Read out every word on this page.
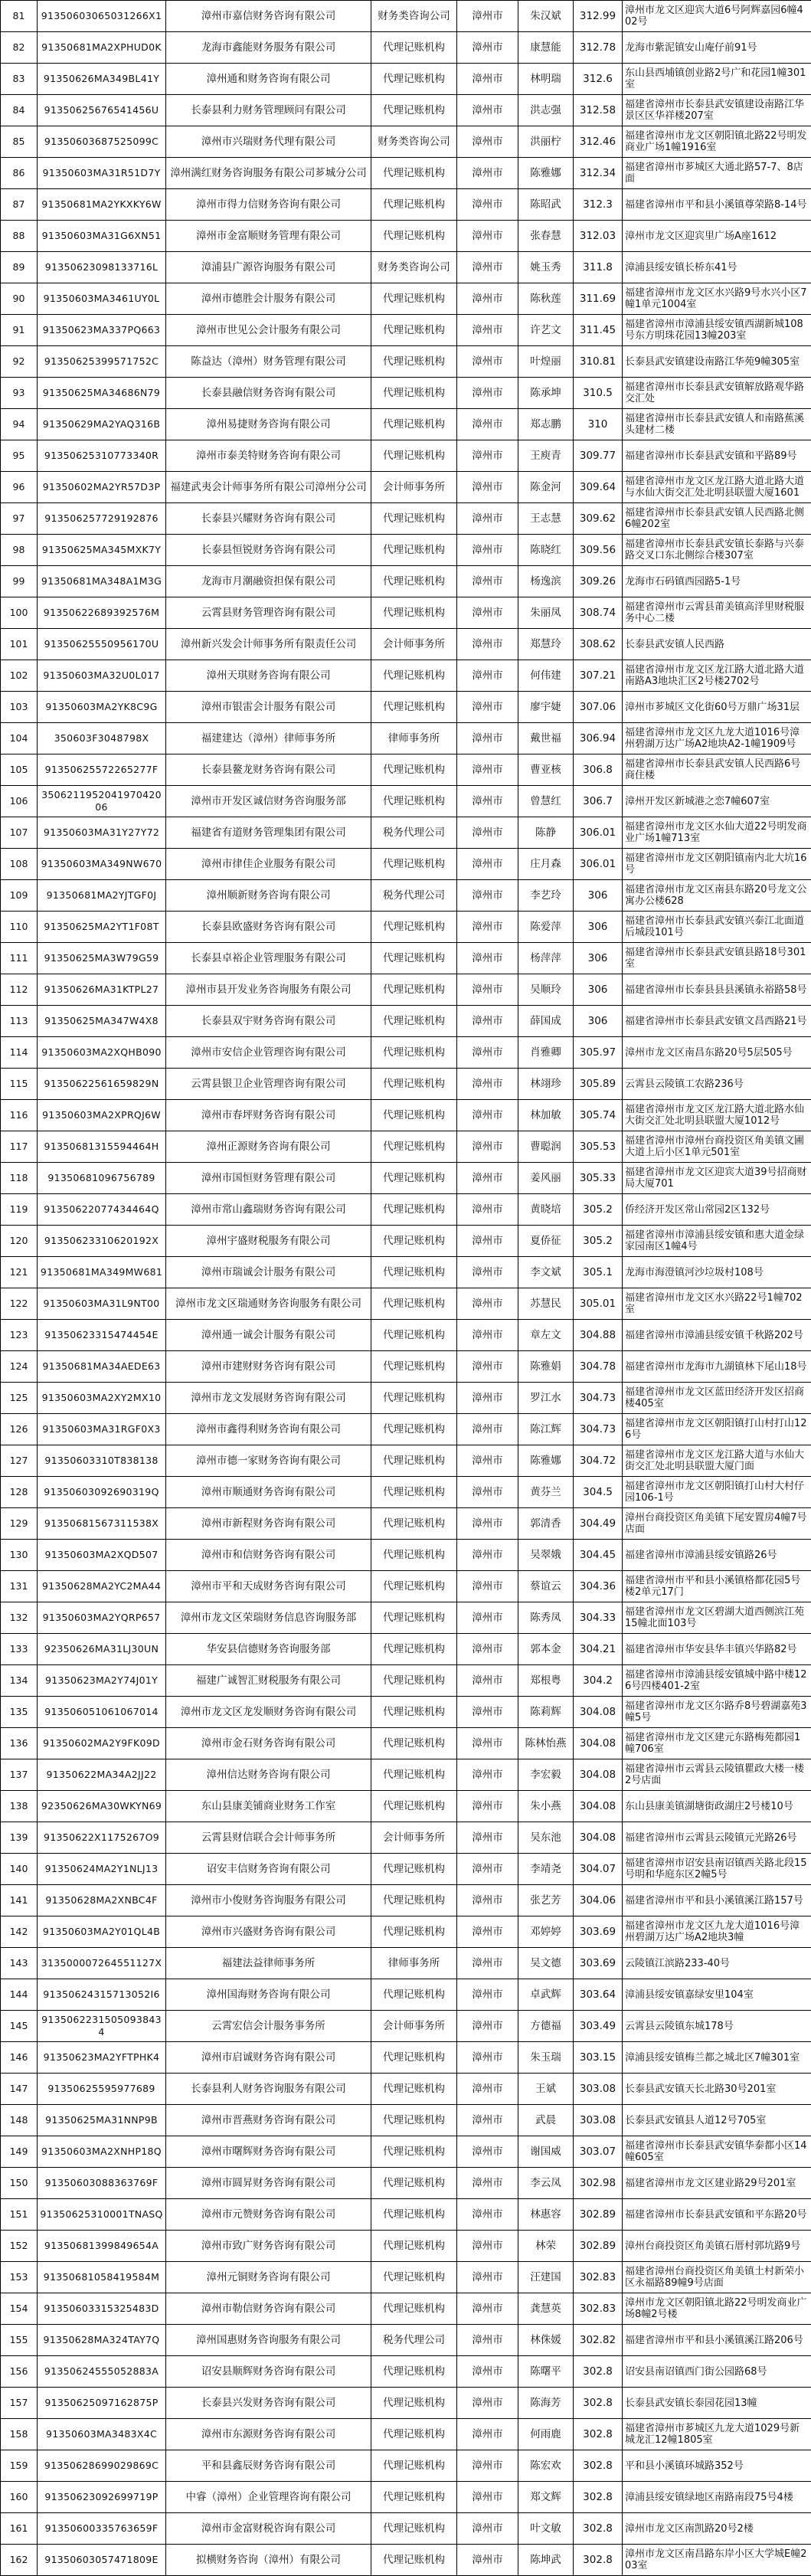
81	91350603065031266X1	漳州市嘉信财务咨询有限公司	财务类咨询公司	漳州市	朱汉斌	312.99	漳州市龙文区迎宾大道6号阿辉嘉园6幢402号
82	91350681MA2XPHUD0K	龙海市鑫能财务服务有限公司	代理记账机构	漳州市	康慧能	312.78	龙海市紫泥镇安山庵仔前91号
83	91350626MA349BL41Y	漳州通和财务咨询有限公司	代理记账机构	漳州市	林明瑞	312.6	东山县西埔镇创业路2号广和花园1幢301室
84	91350625676541456U	长泰县利力财务管理顾问有限公司	代理记账机构	漳州市	洪志强	312.58	福建省漳州市长泰县武安镇建设南路江华景区区华祥楼207室
85	91350603687525099C	漳州市兴瑞财务代理有限公司	财务类咨询公司	漳州市	洪丽柠	312.46	福建省漳州市龙文区朝阳镇北路22号明发商业广场1幢1916室
86	91350603MA31R51D7Y	漳州满红财务咨询服务有限公司芗城分公司	代理记账机构	漳州市	陈雅娜	312.34	福建省漳州市芗城区大通北路57-7、8店面
87	91350681MA2YKXKY6W	漳州市得力信财务咨询有限公司	代理记账机构	漳州市	陈昭武	312.3	福建省漳州市平和县小溪镇尊荣路8-14号
88	91350603MA31G6XN51	漳州市金富顺财务管理有限公司	代理记账机构	漳州市	张春慧	312.03	漳州市龙文区迎宾里广场A座1612
89	91350623098133716L	漳浦县广源咨询服务有限公司	财务类咨询公司	漳州市	姚玉秀	311.8	漳浦县绥安镇长桥东41号
90	91350603MA3461UY0L	漳州市德胜会计服务有限公司	代理记账机构	漳州市	陈秋莲	311.69	福建省漳州市龙文区水兴路9号水兴小区7幢1单元1004室
91	91350623MA337PQ663	漳州市世见公会计服务有限公司	代理记账机构	漳州市	许艺文	311.45	福建省漳州市漳浦县绥安镇西湖新城108号东方明珠花园13幢203室
92	91350625399571752C	陈益达（漳州）财务管理有限公司	代理记账机构	漳州市	叶煌丽	310.81	长泰县武安镇建设南路江华苑9幢305室
93	91350625MA34686N79	长泰县融信财务咨询有限公司	代理记账机构	漳州市	陈承坤	310.5	福建省漳州市长泰县武安镇解放路观华路交汇处
94	91350629MA2YAQ316B	漳州易捷财务咨询有限公司	代理记账机构	漳州市	郑志鹏	310	福建省漳州市长泰县武安镇人和南路蕉溪头建材二楼
95	91350625310773340R	漳州市泰美特财务咨询有限公司	代理记账机构	漳州市	王庾青	309.77	福建省漳州市长泰县武安镇和平路89号
96	91350602MA2YR57D3P	福建武夷会计师事务所有限公司漳州分公司	会计师事务所	漳州市	陈金河	309.64	福建省漳州市龙文区龙江路大道北路大道与水仙大街交汇处北明县联盟大厦1601
97	913506257729192876	长泰县兴耀财务咨询有限公司	代理记账机构	漳州市	王志慧	309.62	福建省漳州市长泰县武安镇人民西路北侧6幢202室
98	91350625MA345MXK7Y	长泰县恒锐财务咨询有限公司	代理记账机构	漳州市	陈晓红	309.56	福建省漳州市长泰县武安镇长泰路与兴泰路交叉口东北侧综合楼307室
99	91350681MA348A1M3G	龙海市月潮融资担保有限公司	代理记账机构	漳州市	杨逸滨	309.26	龙海市石码镇西园路5-1号
100	91350622689392576M	云霄县财务管理咨询有限公司	代理记账机构	漳州市	朱丽凤	308.74	福建省漳州市云霄县莆美镇高洋里财税服务中心二楼
101	91350625550956170U	漳州新兴发会计师事务所有限责任公司	会计师事务所	漳州市	郑慧玲	308.62	长泰县武安镇人民西路
102	91350603MA32U0L017	漳州天琪财务咨询有限公司	代理记账机构	漳州市	何伟建	307.21	福建省漳州市龙文区龙江路大道北路大道南路A3地块汇区2号楼2702号
103	91350603MA2YK8C9G	漳州市银雷会计服务有限公司	代理记账机构	漳州市	廖宇婕	307.06	漳州市芗城区文化街60号万鼎广场31层
104	350603F3048798X	福建建达（漳州）律师事务所	律师事务所	漳州市	戴世福	306.94	福建省漳州市龙文区九龙大道1016号漳州碧湖万达广场A2地块A2-1幢1909号
105	91350625572265277F	长泰县鳌龙财务咨询有限公司	代理记账机构	漳州市	曹亚核	306.8	福建省漳州市长泰县武安镇人民西路6号商住楼
106	350621195204197042006	漳州市开发区诚信财务咨询服务部	代理记账机构	漳州市	曾慧红	306.7	漳州开发区新城港之恋7幢607室
107	91350603MA31Y27Y72	福建省有道财务管理集团有限公司	税务代理公司	漳州市	陈静	306.01	福建省漳州市龙文区水仙大道22号明发商业广场1幢713室
108	91350603MA349NW670	漳州市律佳企业服务有限公司	代理记账机构	漳州市	庄月森	306.01	福建省漳州市龙文区朝阳镇南内北大坑16号
109	91350681MA2YJTGF0J	漳州顺新财务咨询有限公司	税务代理公司	漳州市	李艺玲	306	福建省漳州市龙文区南县东路20号龙文公寓办公楼628
110	91350625MA2YT1F08T	长泰县欧盛财务咨询有限公司	代理记账机构	漳州市	陈爱萍	306	福建省漳州市长泰县武安镇兴泰江北面道后城段101号
111	91350625MA3W79G59	长泰县卓裕企业管理服务有限公司	代理记账机构	漳州市	杨萍萍	306	福建省漳州市长泰县武安镇县路18号301室
112	91350626MA31KTPL27	漳州市县开发业务咨询服务有限公司	代理记账机构	漳州市	吴顺玲	306	福建省漳州市长泰县县县溪镇永裕路58号
113	91350625MA347W4X8	长泰县双宇财务咨询有限公司	代理记账机构	漳州市	薛国成	306	福建省漳州市长泰县武安镇文昌西路21号
114	91350603MA2XQHB090	漳州市安信企业管理咨询有限公司	代理记账机构	漳州市	肖雅卿	305.97	漳州市龙文区南昌东路20号5层505号
115	91350622561659829N	云霄县银卫企业管理咨询有限公司	代理记账机构	漳州市	林翊珍	305.89	云霄县云陵镇工农路236号
116	91350603MA2XPRQJ6W	漳州市春坪财务咨询有限公司	代理记账机构	漳州市	林加敏	305.74	福建省漳州市龙文区龙江路大道北路水仙大街交汇处北明县联盟大厦1012号
117	91350681315594464H	漳州正源财务咨询有限公司	代理记账机构	漳州市	曹聪润	305.53	福建省漳州市漳州台商投资区角美镇文圃大道上后小区1单元501室
118	91350681096756789	漳州市国恒财务管理有限公司	代理记账机构	漳州市	姜风丽	305.33	福建省漳州市龙文区迎宾大道39号招商财局大厦701
119	91350622077434464Q	漳州市常山鑫瑞财务咨询有限公司	代理记账机构	漳州市	黄晓培	305.2	侨经济开发区常山常园2区132号
120	91350623310620192X	漳州宇盛财税服务有限公司	代理记账机构	漳州市	夏侨征	305.2	福建省漳州市漳浦县绥安镇和惠大道金绿家园南区1幢4号
121	91350681MA349MW681	漳州市瑞诚会计服务有限公司	代理记账机构	漳州市	李文斌	305.1	龙海市海澄镇河沙垃圾村108号
122	91350603MA31L9NT00	漳州市龙文区瑞通财务咨询服务有限公司	代理记账机构	漳州市	苏慧民	305.01	福建省漳州市龙文区水兴路22号1幢702室
123	91350623315474454E	漳州通一诚会计服务有限公司	代理记账机构	漳州市	章左文	304.88	福建省漳州市漳浦县绥安镇千秋路202号
124	91350681MA34AEDE63	漳州市建财财务咨询有限公司	代理记账机构	漳州市	陈雅娟	304.78	福建省漳州市龙海市九湖镇林下尾山18号
125	91350603MA2XY2MX10	漳州市龙文发展财务咨询有限公司	代理记账机构	漳州市	罗江水	304.73	福建省漳州市龙文区蓝田经济开发区招商楼405室
126	91350603MA31RGF0X3	漳州市鑫得利财务咨询有限公司	代理记账机构	漳州市	陈江辉	304.73	福建省漳州市龙文区朝阳镇打山村打山126号
127	91350603310T838138	漳州市德一家财务咨询有限公司	代理记账机构	漳州市	陈雅娜	304.72	福建省漳州市龙文区龙江路大道与水仙大街交汇处北明县联盟大厦门面
128	91350603092690319Q	漳州市顺通财务咨询有限公司	代理记账机构	漳州市	黄芬兰	304.5	福建省漳州市龙文区朝阳镇打山村大村仔园106-1号
129	91350681567311538X	漳州市新程财务咨询有限公司	代理记账机构	漳州市	郭清香	304.49	漳州台商投资区角美镇下尾安置房4幢7号店面
130	91350603MA2XQD507	漳州市和信财务咨询有限公司	代理记账机构	漳州市	吴翠娥	304.45	福建省漳州市漳浦县绥安镇路26号
131	91350628MA2YC2MA44	漳州市平和天成财务咨询有限公司	代理记账机构	漳州市	蔡谊云	304.36	福建省漳州市平和县小溪镇格都花园5号楼2单元17门
132	91350603MA2YQRP657	漳州市龙文区荣瑞财务信息咨询服务部	代理记账机构	漳州市	陈秀凤	304.33	福建省漳州市龙文区碧湖大道西侧滨江苑15幢北面103号
133	92350626MA31LJ30UN	华安县信德财务咨询服务部	代理记账机构	漳州市	郭本金	304.21	福建省漳州市华安县华丰镇兴华路82号
134	91350623MA2Y74J01Y	福建广诚智汇财税服务有限公司	代理记账机构	漳州市	郑根粤	304.2	福建省漳州市漳浦县绥安镇城中路中楼126号四楼401-2室
135	913506051061067014	漳州市龙文区龙发顺财务咨询有限公司	代理记账机构	漳州市	陈莉辉	304.08	福建省漳州市龙文区尔路乔8号碧湖嘉苑3幢5号
136	91350602MA2Y9FK09D	漳州市金石财务咨询有限公司	代理记账机构	漳州市	陈林怡燕	304.08	福建省漳州市龙文区建元东路梅苑都园1幢706室
137	91350622MA34A2JJ22	漳州信达财务咨询有限公司	代理记账机构	漳州市	李宏毅	304.08	福建省漳州市云霄县云陵镇瞿政大楼一楼2号店面
138	92350626MA30WKYN69	东山县康美铺商业财务工作室	代理记账机构	漳州市	朱小燕	304.08	东山县康美镇湖塘街政湖庄2号楼10号
139	91350622X1175267O9	云霄县财信联合会计师事务所	会计师事务所	漳州市	吴东池	304.08	福建省漳州市云霄县云陵镇元光路26号
140	91350624MA2Y1NLJ13	诏安丰信财务咨询有限公司	代理记账机构	漳州市	李靖尧	304.07	福建省漳州市诏安县南诏镇西关路北段15号明和华庭东区2幢5号
141	91350628MA2XNBC4F	漳州市小俊财务咨询服务有限公司	代理记账机构	漳州市	张艺芳	304.06	福建省漳州市平和县小溪镇溪江路157号
142	91350603MA2Y01QL4B	漳州市兴盛财务咨询有限公司	代理记账机构	漳州市	邓婷婷	303.69	福建省漳州市龙文区九龙大道1016号漳州碧湖万达广场A2地块3幢
143	313500007264551127X	福建法益律师事务所	律师事务所	漳州市	吴文德	303.69	云陵镇江滨路233-40号
144	91350624315713052I6	漳州国海财务咨询有限公司	代理记账机构	漳州市	卓武辉	303.64	漳浦县绥安镇嘉绿安里104室
145	91350622315050938434	云霄宏信会计服务事务所	会计师事务所	漳州市	方德福	303.49	云霄县云陵镇东城178号
146	91350623MA2YFTPHK4	漳州市启诚财务咨询有限公司	代理记账机构	漳州市	朱玉瑞	303.15	漳浦县绥安镇梅兰都之城北区7幢301室
147	91350625595977689	长泰县利人财务咨询服务有限公司	代理记账机构	漳州市	王斌	303.08	长泰县武安镇天长北路30号201室
148	91350625MA31NNP9B	漳州市晋燕财务咨询有限公司	代理记账机构	漳州市	武晨	303.08	长泰县武安镇县人道12号705室
149	91350603MA2XNHP18Q	漳州市曙辉财务咨询有限公司	代理记账机构	漳州市	谢国威	303.07	福建省漳州市长泰县武安镇华泰都小区14幢605室
150	91350603088363769F	漳州市圆昇财务咨询有限公司	代理记账机构	漳州市	李云凤	302.98	福建省漳州市龙文区建业路29号201室
151	91350625310001TNASQ	漳州市元赞财务咨询有限公司	代理记账机构	漳州市	林惠容	302.89	福建省漳州市长泰县武安镇和平东路20号
152	91350681399849654A	漳州市致广财务咨询有限公司	代理记账机构	漳州市	林荣	302.89	漳州台商投资区角美镇石厝村郭坑路9号
153	91350681058419584M	漳州元铜财务咨询有限公司	代理记账机构	漳州市	汪建国	302.83	福建省漳州台商投资区角美镇土村新荣小区永福路89幢9号店面
154	91350603315325483D	漳州市勒信财务咨询有限公司	代理记账机构	漳州市	龚慧英	302.83	漳州市龙文区朝阳镇北路22号明发商业广场8幢2号楼
155	91350628MA324TAY7Q	漳州国惠财务咨询服务有限公司	税务代理公司	漳州市	林侏媛	302.82	福建省漳州市平和县小溪镇溪江路206号
156	91350624555052883A	诏安县顺辉财务咨询有限公司	代理记账机构	漳州市	陈曙平	302.8	诏安县南诏镇西门街公园路68号
157	91350625097162875P	长泰县兴发财务咨询有限公司	代理记账机构	漳州市	陈海芳	302.8	长泰县武安镇长泰园花园13幢
158	91350603MA3483X4C	漳州市东源财务咨询有限公司	代理记账机构	漳州市	何雨鹿	302.8	福建省漳州市芗城区九龙大道1029号新城龙汇12幢1805室
159	91350628699029869C	平和县鑫辰财务咨询有限公司	代理记账机构	漳州市	陈宏欢	302.8	平和县小溪镇环城路352号
160	91350623092699719P	中睿（漳州）企业管理咨询有限公司	代理记账机构	漳州市	郑文辉	302.8	漳浦县绥安镇绿地区南路南段75号4楼
161	91350600335763659F	漳州市金富财税咨询有限公司	代理记账机构	漳州市	叶文敏	302.8	漳州市龙文区南凯路20号2楼
162	91350603057471809E	拟横财务咨询（漳州）有限公司	代理记账机构	漳州市	陈坤武	302.8	漳州市龙文区南昌路东岸小区大学城E幢203室
